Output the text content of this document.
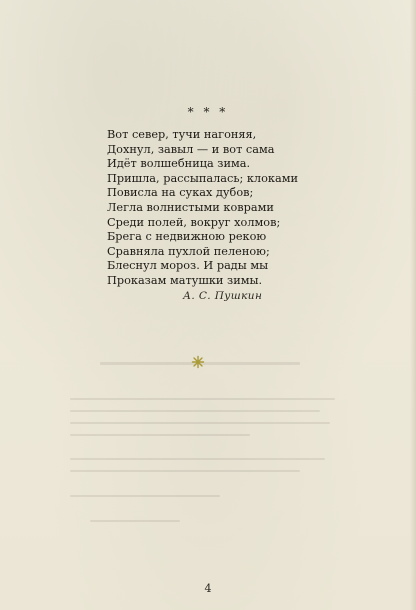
* * *
Вот север, тучи нагоняя,
Дохнул, завыл — и вот сама
Идёт волшебница зима.
Пришла, рассыпалась; клоками
Повисла на суках дубов;
Легла волнистыми коврами
Среди полей, вокруг холмов;
Брега с недвижною рекою
Сравняла пухлой пеленою;
Блеснул мороз. И рады мы
Проказам матушки зимы.
А. С. Пушкин
4
